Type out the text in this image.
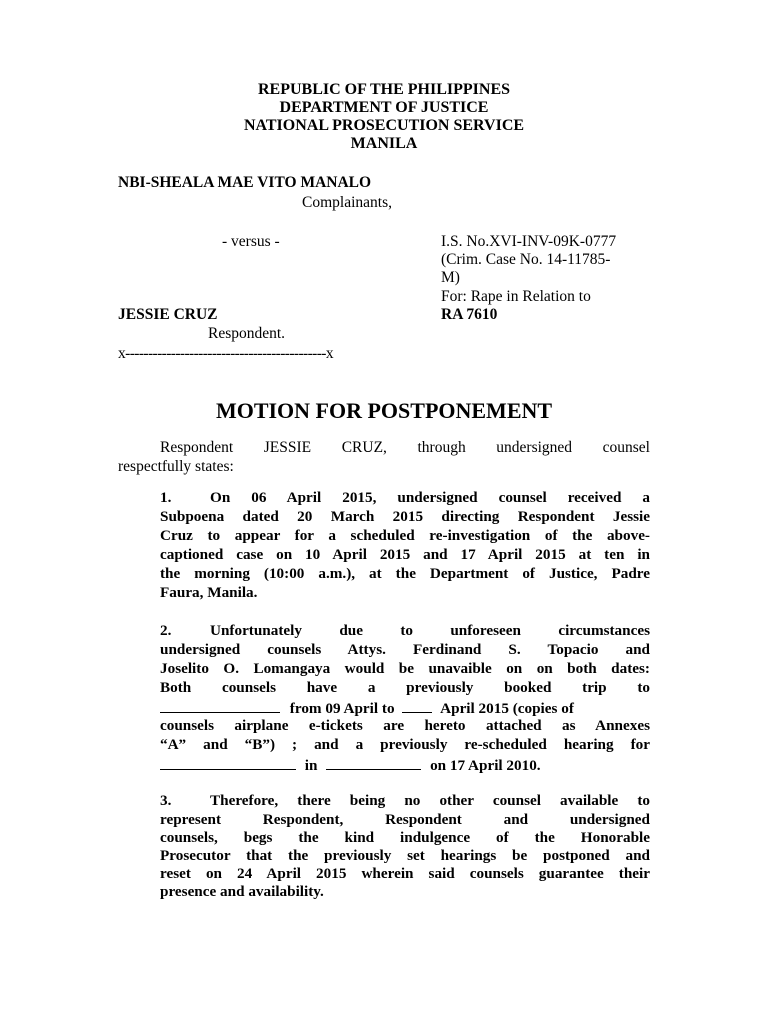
REPUBLIC OF THE PHILIPPINES
DEPARTMENT OF JUSTICE
NATIONAL PROSECUTION SERVICE
MANILA
NBI-SHEALA MAE VITO MANALO
Complainants,
- versus -	I.S. No.XVI-INV-09K-0777
(Crim. Case No. 14-11785-
M)
For: Rape in Relation to
RA 7610
JESSIE CRUZ
Respondent.
x--------------------------------------------x
MOTION FOR POSTPONEMENT
Respondent JESSIE CRUZ, through undersigned counsel
respectfully states:
1.	On 06 April 2015, undersigned counsel received a
Subpoena dated 20 March 2015 directing Respondent Jessie
Cruz to appear for a scheduled re-investigation of the above-
captioned case on 10 April 2015 and 17 April 2015 at ten in
the morning (10:00 a.m.), at the Department of Justice, Padre
Faura, Manila.
2.	Unfortunately due to unforeseen circumstances
undersigned counsels Attys. Ferdinand S. Topacio and
Joselito O. Lomangaya would be unavaible on on both dates:
Both counsels have a previously booked trip to
from 09 April to	April 2015 (copies of
counsels airplane e-tickets are hereto attached as Annexes
“A” and “B”) ; and a previously re-scheduled hearing for
in	on 17 April 2010.
3.	Therefore, there being no other counsel available to
represent Respondent, Respondent and undersigned
counsels, begs the kind indulgence of the Honorable
Prosecutor that the previously set hearings be postponed and
reset on 24 April 2015 wherein said counsels guarantee their
presence and availability.
